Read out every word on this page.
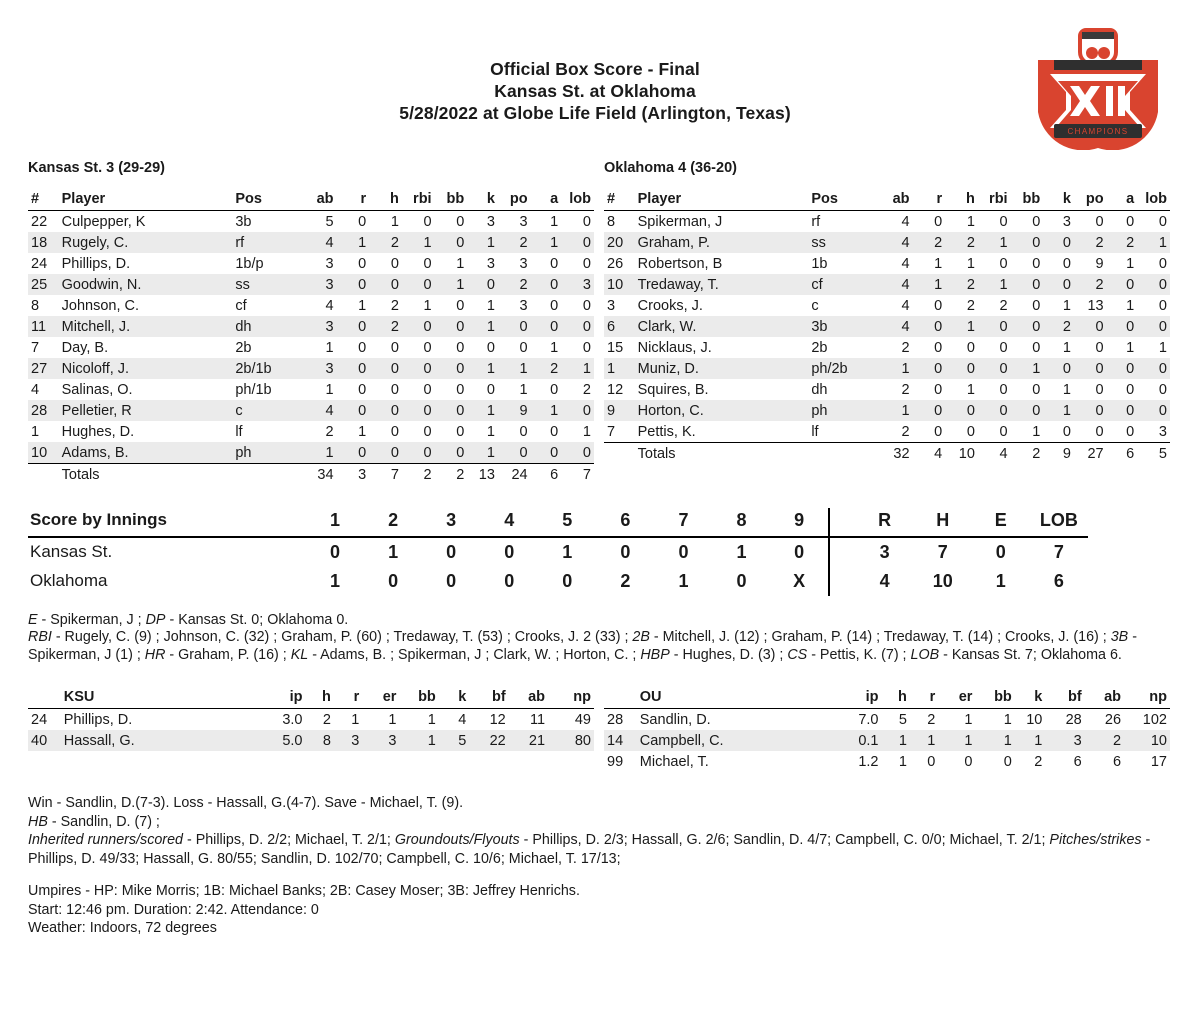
Official Box Score - Final
Kansas St. at Oklahoma
5/28/2022 at Globe Life Field (Arlington, Texas)
CHAMPIONS
Kansas St. 3 (29-29)
#	Player	Pos	ab	r	h	rbi	bb	k	po	a	lob
22	Culpepper, K	3b	5	0	1	0	0	3	3	1	0
18	Rugely, C.	rf	4	1	2	1	0	1	2	1	0
24	Phillips, D.	1b/p	3	0	0	0	1	3	3	0	0
25	Goodwin, N.	ss	3	0	0	0	1	0	2	0	3
8	Johnson, C.	cf	4	1	2	1	0	1	3	0	0
11	Mitchell, J.	dh	3	0	2	0	0	1	0	0	0
7	Day, B.	2b	1	0	0	0	0	0	0	1	0
27	Nicoloff, J.	2b/1b	3	0	0	0	0	1	1	2	1
4	Salinas, O.	ph/1b	1	0	0	0	0	0	1	0	2
28	Pelletier, R	c	4	0	0	0	0	1	9	1	0
1	Hughes, D.	lf	2	1	0	0	0	1	0	0	1
10	Adams, B.	ph	1	0	0	0	0	1	0	0	0
	Totals		34	3	7	2	2	13	24	6	7
Oklahoma 4 (36-20)
#	Player	Pos	ab	r	h	rbi	bb	k	po	a	lob
8	Spikerman, J	rf	4	0	1	0	0	3	0	0	0
20	Graham, P.	ss	4	2	2	1	0	0	2	2	1
26	Robertson, B	1b	4	1	1	0	0	0	9	1	0
10	Tredaway, T.	cf	4	1	2	1	0	0	2	0	0
3	Crooks, J.	c	4	0	2	2	0	1	13	1	0
6	Clark, W.	3b	4	0	1	0	0	2	0	0	0
15	Nicklaus, J.	2b	2	0	0	0	0	1	0	1	1
1	Muniz, D.	ph/2b	1	0	0	0	1	0	0	0	0
12	Squires, B.	dh	2	0	1	0	0	1	0	0	0
9	Horton, C.	ph	1	0	0	0	0	1	0	0	0
7	Pettis, K.	lf	2	0	0	0	1	0	0	0	3
	Totals		32	4	10	4	2	9	27	6	5
Score by Innings	1	2	3	4	5	6	7	8	9		R	H	E	LOB
Kansas St.	0	1	0	0	1	0	0	1	0		3	7	0	7
Oklahoma	1	0	0	0	0	2	1	0	X		4	10	1	6
E - Spikerman, J ; DP - Kansas St. 0; Oklahoma 0.
RBI - Rugely, C. (9) ; Johnson, C. (32) ; Graham, P. (60) ; Tredaway, T. (53) ; Crooks, J. 2 (33) ; 2B - Mitchell, J. (12) ; Graham, P. (14) ; Tredaway, T. (14) ; Crooks, J. (16) ; 3B - Spikerman, J (1) ; HR - Graham, P. (16) ; KL - Adams, B. ; Spikerman, J ; Clark, W. ; Horton, C. ; HBP - Hughes, D. (3) ; CS - Pettis, K. (7) ; LOB - Kansas St. 7; Oklahoma 6.
	KSU	ip	h	r	er	bb	k	bf	ab	np
24	Phillips, D.	3.0	2	1	1	1	4	12	11	49
40	Hassall, G.	5.0	8	3	3	1	5	22	21	80
	OU	ip	h	r	er	bb	k	bf	ab	np
28	Sandlin, D.	7.0	5	2	1	1	10	28	26	102
14	Campbell, C.	0.1	1	1	1	1	1	3	2	10
99	Michael, T.	1.2	1	0	0	0	2	6	6	17
Win - Sandlin, D.(7-3). Loss - Hassall, G.(4-7). Save - Michael, T. (9).
HB - Sandlin, D. (7) ;
Inherited runners/scored - Phillips, D. 2/2; Michael, T. 2/1; Groundouts/Flyouts - Phillips, D. 2/3; Hassall, G. 2/6; Sandlin, D. 4/7; Campbell, C. 0/0; Michael, T. 2/1; Pitches/strikes - Phillips, D. 49/33; Hassall, G. 80/55; Sandlin, D. 102/70; Campbell, C. 10/6; Michael, T. 17/13;
Umpires - HP: Mike Morris; 1B: Michael Banks; 2B: Casey Moser; 3B: Jeffrey Henrichs.
Start: 12:46 pm. Duration: 2:42. Attendance: 0
Weather: Indoors, 72 degrees
